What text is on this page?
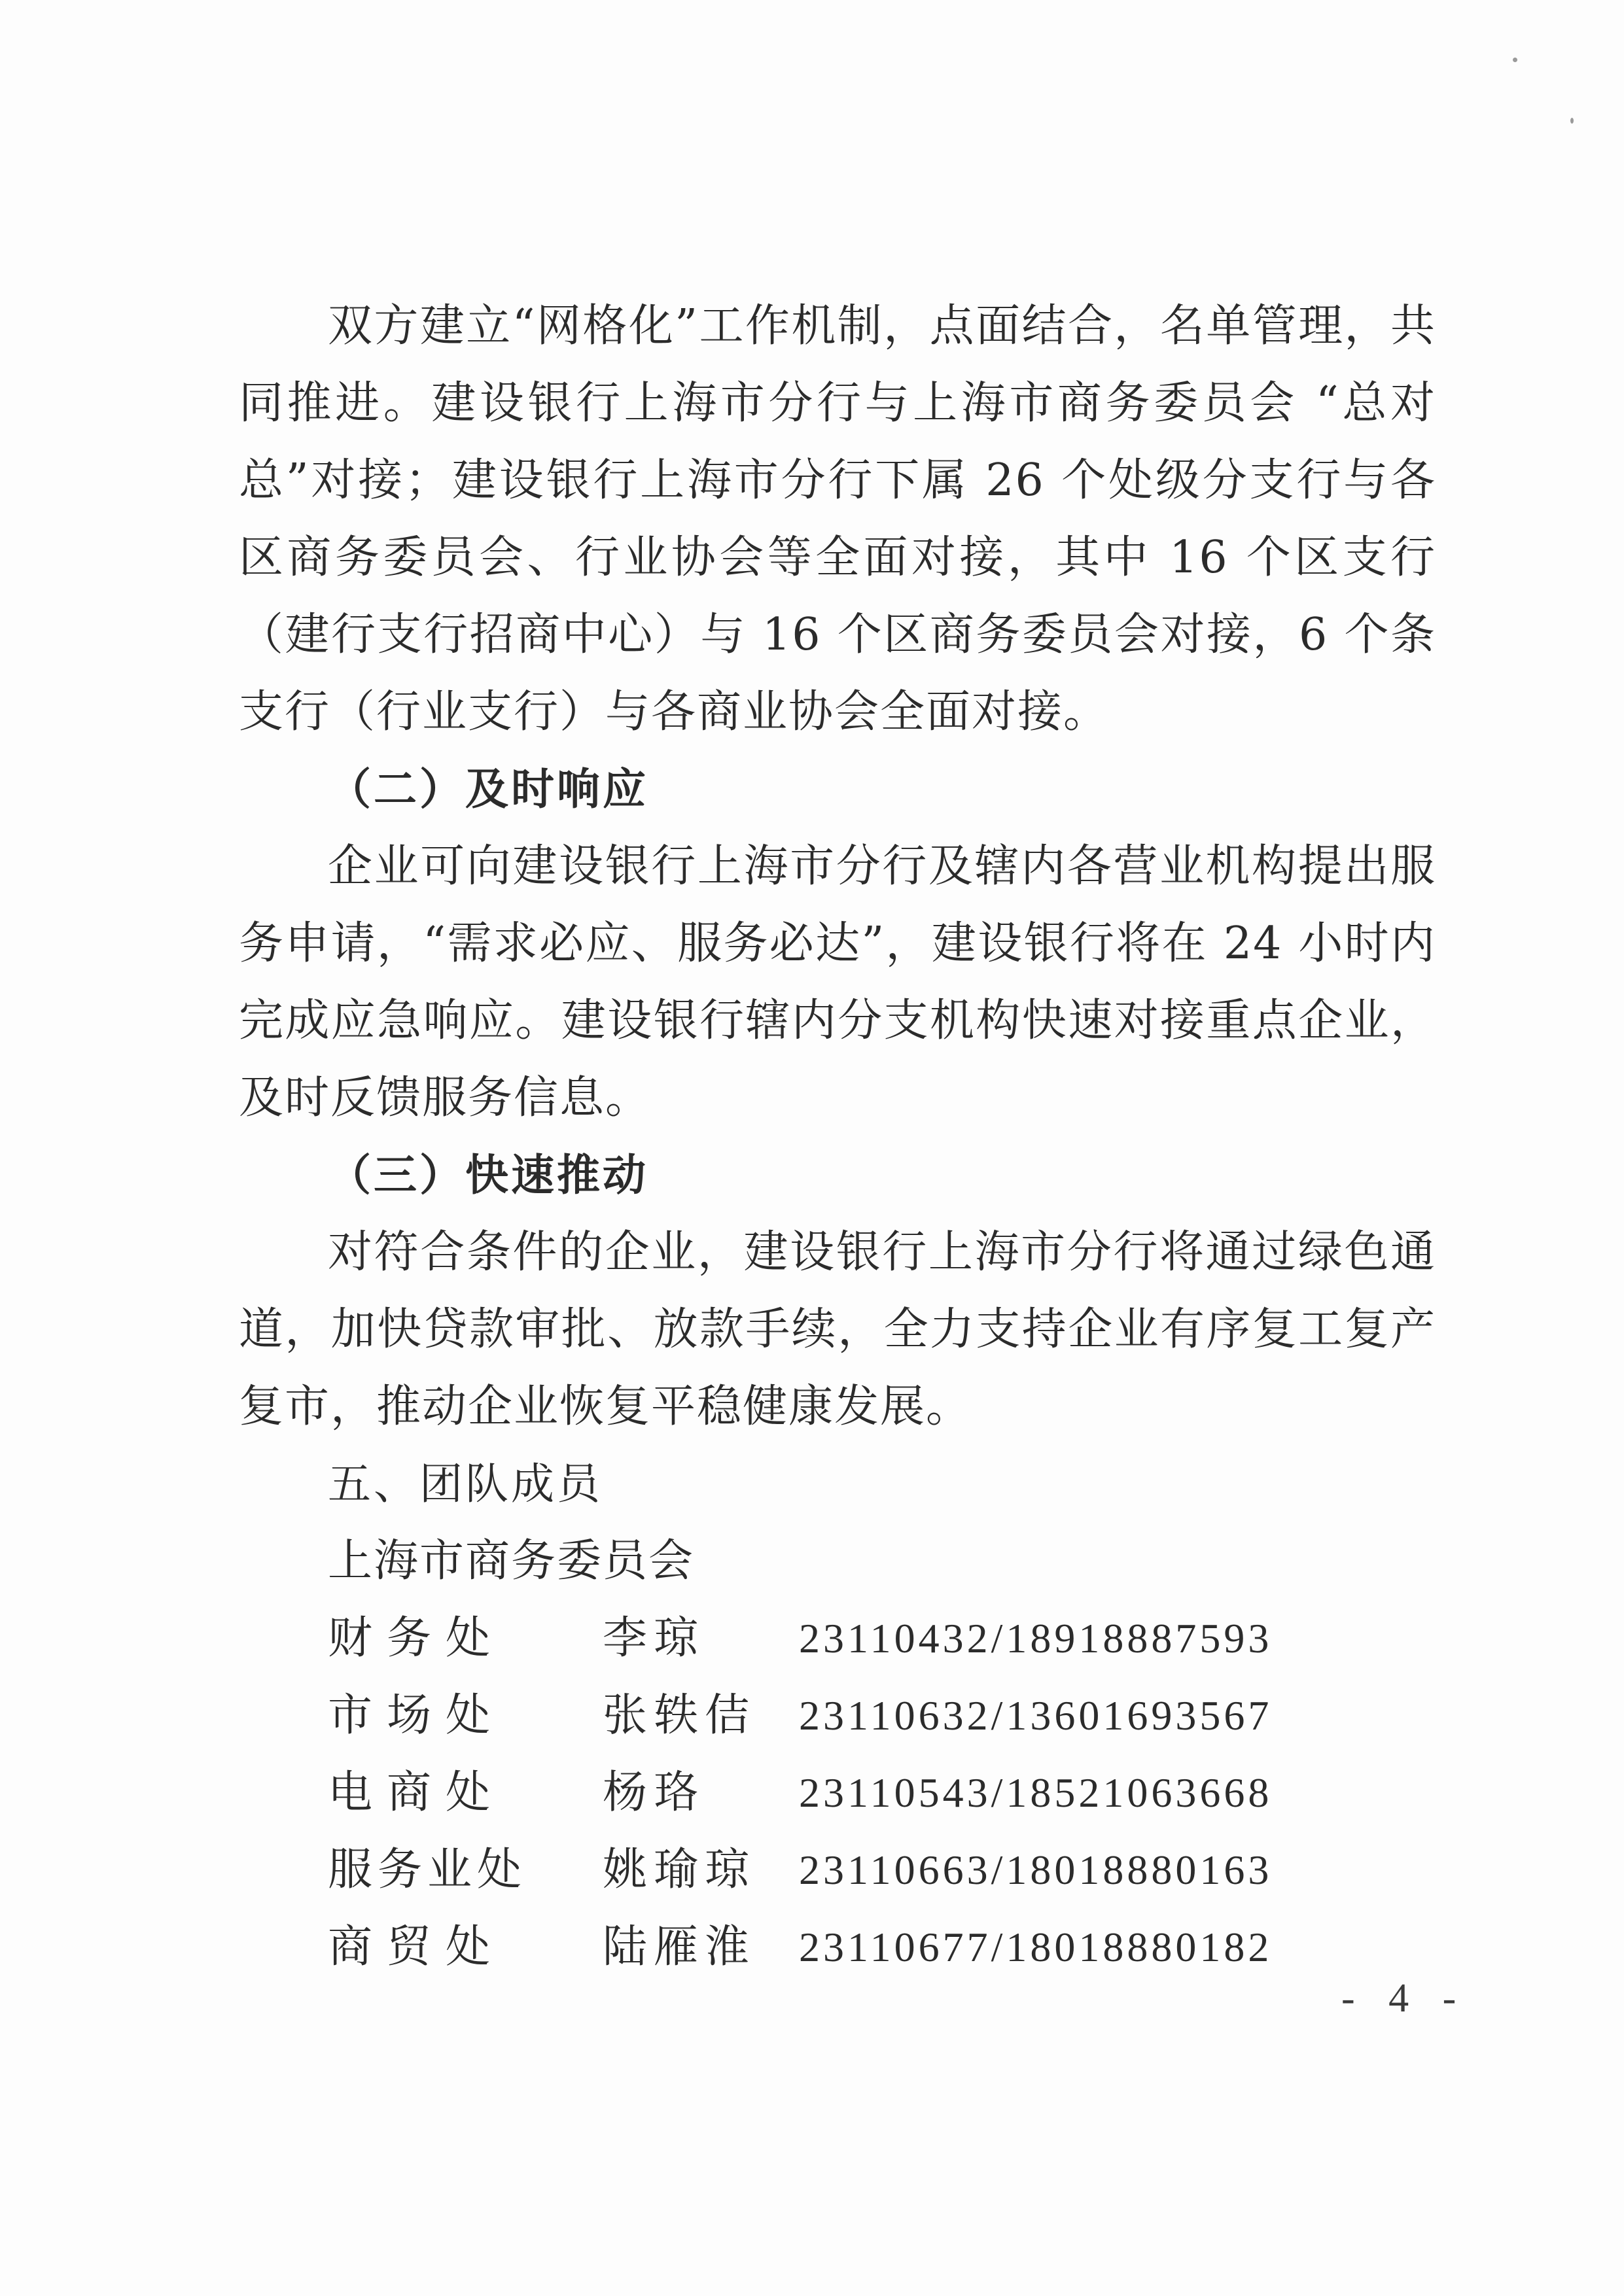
双方建立“网格化”工作机制，点面结合，名单管理，共同推进。建设银行上海市分行与上海市商务委员会 “总对总”对接；建设银行上海市分行下属 26 个处级分支行与各区商务委员会、行业协会等全面对接，其中 16 个区支行（建行支行招商中心）与 16 个区商务委员会对接，6 个条支行（行业支行）与各商业协会全面对接。

（二）及时响应

企业可向建设银行上海市分行及辖内各营业机构提出服务申请，“需求必应、服务必达”，建设银行将在 24 小时内完成应急响应。建设银行辖内分支机构快速对接重点企业，及时反馈服务信息。

（三）快速推动

对符合条件的企业，建设银行上海市分行将通过绿色通道，加快贷款审批、放款手续，全力支持企业有序复工复产复市，推动企业恢复平稳健康发展。

五、团队成员

上海市商务委员会

财务处	李琼	23110432/18918887593
市场处	张轶佶	23110632/13601693567
电商处	杨珞	23110543/18521063668
服务业处	姚瑜琼	23110663/18018880163
商贸处	陆雁淮	23110677/18018880182
- 4 -
